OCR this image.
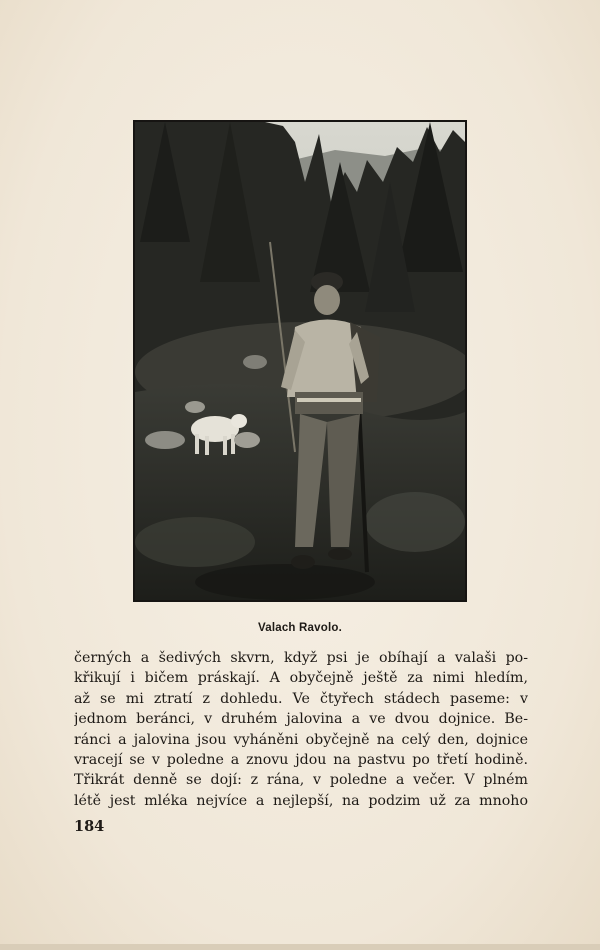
Valach Ravolo.
černých a šedivých skvrn, když psi je obíhají a valaši po-
křikují i bičem práskají. A obyčejně ještě za nimi hledím,
až se mi ztratí z dohledu. Ve čtyřech stádech paseme: v
jednom beránci, v druhém jalovina a ve dvou dojnice. Be-
ránci a jalovina jsou vyháněni obyčejně na celý den, dojnice
vracejí se v poledne a znovu jdou na pastvu po třetí hodině.
Třikrát denně se dojí: z rána, v poledne a večer. V plném
létě jest mléka nejvíce a nejlepší, na podzim už za mnoho
184
